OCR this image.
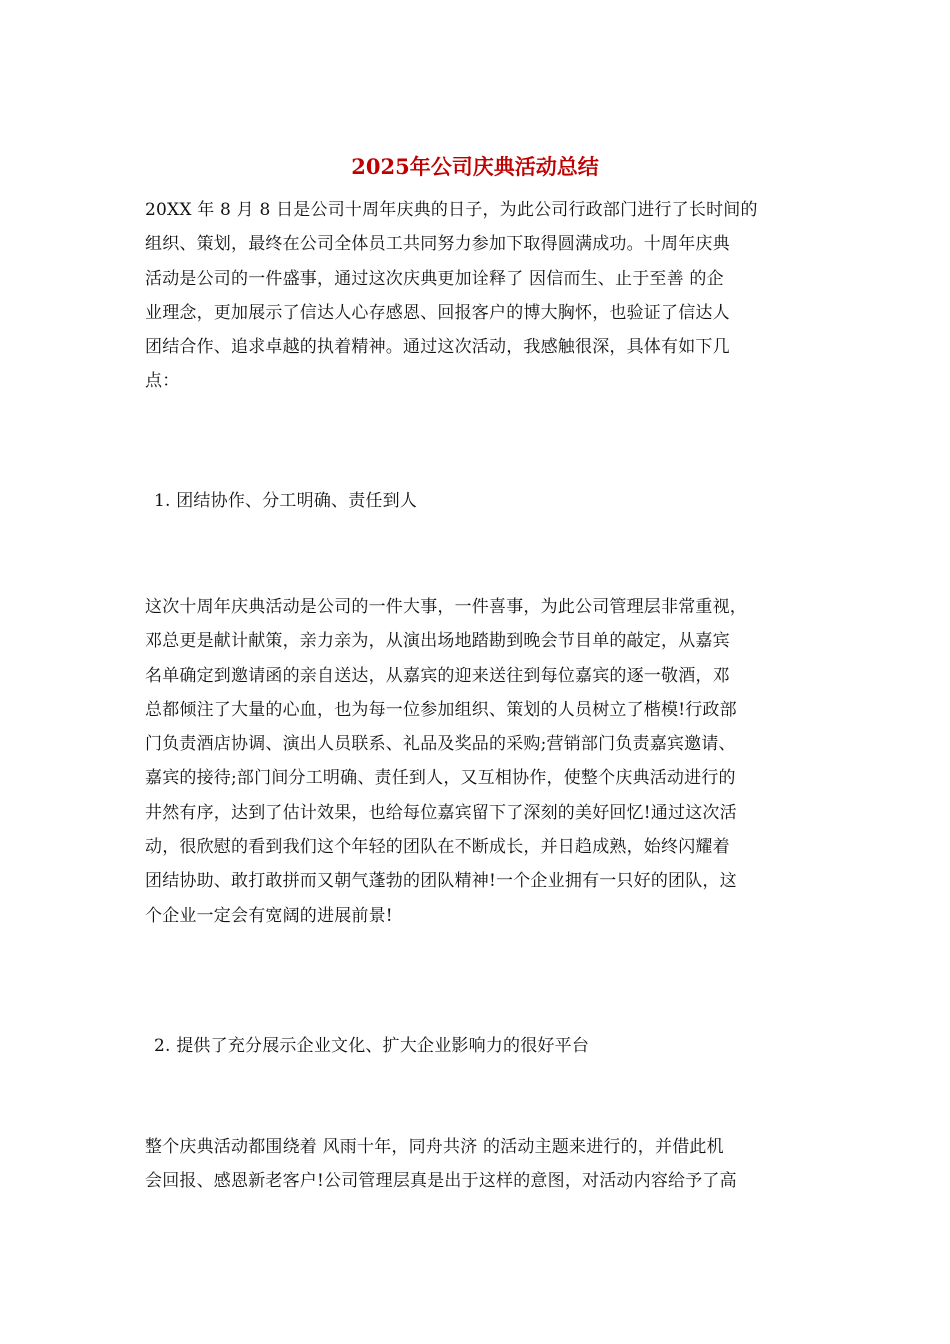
2025年公司庆典活动总结
20XX 年 8 月 8 日是公司十周年庆典的日子，为此公司行政部门进行了长时间的
组织、策划，最终在公司全体员工共同努力参加下取得圆满成功。十周年庆典
活动是公司的一件盛事，通过这次庆典更加诠释了 因信而生、止于至善 的企
业理念，更加展示了信达人心存感恩、回报客户的博大胸怀，也验证了信达人
团结合作、追求卓越的执着精神。通过这次活动，我感触很深，具体有如下几
点：
1. 团结协作、分工明确、责任到人
这次十周年庆典活动是公司的一件大事，一件喜事，为此公司管理层非常重视，
邓总更是献计献策，亲力亲为，从演出场地踏勘到晚会节目单的敲定，从嘉宾
名单确定到邀请函的亲自送达，从嘉宾的迎来送往到每位嘉宾的逐一敬酒，邓
总都倾注了大量的心血，也为每一位参加组织、策划的人员树立了楷模!行政部
门负责酒店协调、演出人员联系、礼品及奖品的采购;营销部门负责嘉宾邀请、
嘉宾的接待;部门间分工明确、责任到人，又互相协作，使整个庆典活动进行的
井然有序，达到了估计效果，也给每位嘉宾留下了深刻的美好回忆!通过这次活
动，很欣慰的看到我们这个年轻的团队在不断成长，并日趋成熟，始终闪耀着
团结协助、敢打敢拼而又朝气蓬勃的团队精神!一个企业拥有一只好的团队，这
个企业一定会有宽阔的进展前景!
2. 提供了充分展示企业文化、扩大企业影响力的很好平台
整个庆典活动都围绕着 风雨十年，同舟共济 的活动主题来进行的，并借此机
会回报、感恩新老客户!公司管理层真是出于这样的意图，对活动内容给予了高
